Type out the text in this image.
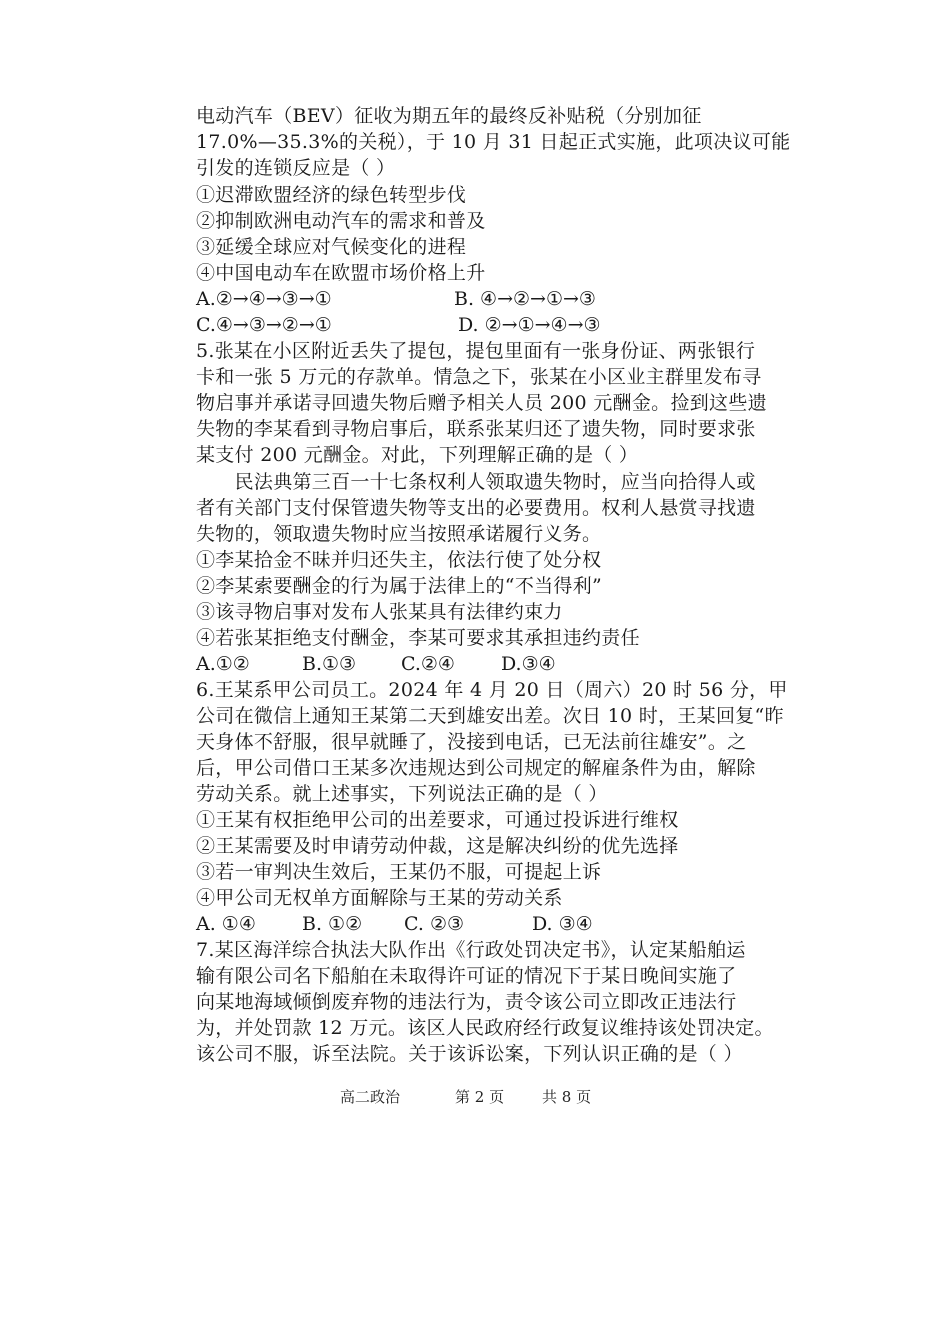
电动汽车（BEV）征收为期五年的最终反补贴税（分别加征
17.0%—35.3%的关税），于 10 月 31 日起正式实施，此项决议可能
引发的连锁反应是（ ）
①迟滞欧盟经济的绿色转型步伐
②抑制欧洲电动汽车的需求和普及
③延缓全球应对气候变化的进程
④中国电动车在欧盟市场价格上升
A.②→④→③→①	B. ④→②→①→③
C.④→③→②→①	D. ②→①→④→③
5.张某在小区附近丢失了提包，提包里面有一张身份证、两张银行
卡和一张 5 万元的存款单。情急之下，张某在小区业主群里发布寻
物启事并承诺寻回遗失物后赠予相关人员 200 元酬金。捡到这些遗
失物的李某看到寻物启事后，联系张某归还了遗失物，同时要求张
某支付 200 元酬金。对此，下列理解正确的是（ ）
　　民法典第三百一十七条权利人领取遗失物时，应当向拾得人或
者有关部门支付保管遗失物等支出的必要费用。权利人悬赏寻找遗
失物的，领取遗失物时应当按照承诺履行义务。
①李某拾金不昧并归还失主，依法行使了处分权
②李某索要酬金的行为属于法律上的“不当得利”
③该寻物启事对发布人张某具有法律约束力
④若张某拒绝支付酬金，李某可要求其承担违约责任
A.①②	B.①③ C.②④ D.③④
6.王某系甲公司员工。2024 年 4 月 20 日（周六）20 时 56 分，甲
公司在微信上通知王某第二天到雄安出差。次日 10 时，王某回复“昨
天身体不舒服，很早就睡了，没接到电话，已无法前往雄安”。之
后，甲公司借口王某多次违规达到公司规定的解雇条件为由，解除
劳动关系。就上述事实，下列说法正确的是（ ）
①王某有权拒绝甲公司的出差要求，可通过投诉进行维权
②王某需要及时申请劳动仲裁，这是解决纠纷的优先选择
③若一审判决生效后，王某仍不服，可提起上诉
④甲公司无权单方面解除与王某的劳动关系
A. ①④ B. ①② C. ②③	D. ③④
7.某区海洋综合执法大队作出《行政处罚决定书》，认定某船舶运
输有限公司名下船舶在未取得许可证的情况下于某日晚间实施了
向某地海域倾倒废弃物的违法行为，责令该公司立即改正违法行
为，并处罚款 12 万元。该区人民政府经行政复议维持该处罚决定。
该公司不服，诉至法院。关于该诉讼案，下列认识正确的是（ ）
高二政治	第 2 页	共 8 页
